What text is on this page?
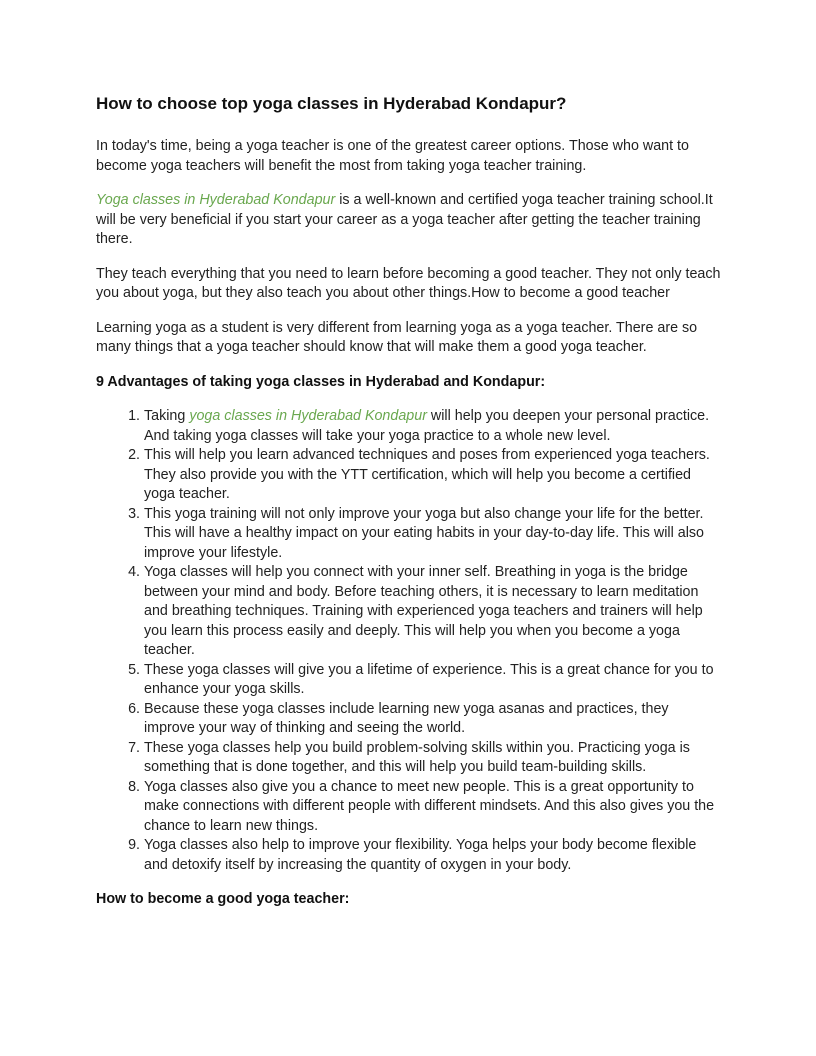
How to choose top yoga classes in Hyderabad Kondapur?

In today's time, being a yoga teacher is one of the greatest career options. Those who want to become yoga teachers will benefit the most from taking yoga teacher training.

Yoga classes in Hyderabad Kondapur is a well-known and certified yoga teacher training school.It will be very beneficial if you start your career as a yoga teacher after getting the teacher training there.

They teach everything that you need to learn before becoming a good teacher. They not only teach you about yoga, but they also teach you about other things.How to become a good teacher

Learning yoga as a student is very different from learning yoga as a yoga teacher. There are so many things that a yoga teacher should know that will make them a good yoga teacher.

9 Advantages of taking yoga classes in Hyderabad and Kondapur:

1. Taking yoga classes in Hyderabad Kondapur will help you deepen your personal practice. And taking yoga classes will take your yoga practice to a whole new level.
2. This will help you learn advanced techniques and poses from experienced yoga teachers. They also provide you with the YTT certification, which will help you become a certified yoga teacher.
3. This yoga training will not only improve your yoga but also change your life for the better. This will have a healthy impact on your eating habits in your day-to-day life. This will also improve your lifestyle.
4. Yoga classes will help you connect with your inner self. Breathing in yoga is the bridge between your mind and body. Before teaching others, it is necessary to learn meditation and breathing techniques. Training with experienced yoga teachers and trainers will help you learn this process easily and deeply. This will help you when you become a yoga teacher.
5. These yoga classes will give you a lifetime of experience. This is a great chance for you to enhance your yoga skills.
6. Because these yoga classes include learning new yoga asanas and practices, they improve your way of thinking and seeing the world.
7. These yoga classes help you build problem-solving skills within you. Practicing yoga is something that is done together, and this will help you build team-building skills.
8. Yoga classes also give you a chance to meet new people. This is a great opportunity to make connections with different people with different mindsets. And this also gives you the chance to learn new things.
9. Yoga classes also help to improve your flexibility. Yoga helps your body become flexible and detoxify itself by increasing the quantity of oxygen in your body.

How to become a good yoga teacher:
